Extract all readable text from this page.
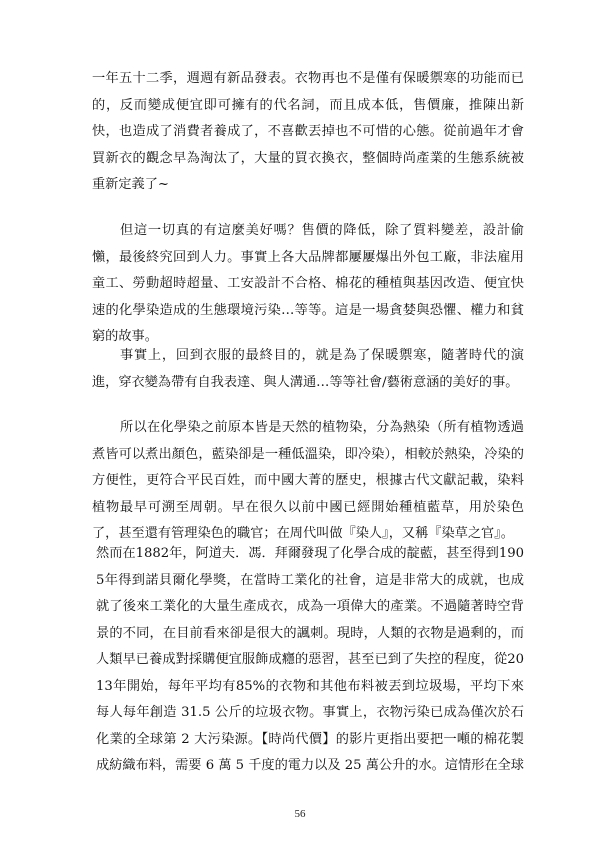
一年五十二季，週週有新品發表。衣物再也不是僅有保暖禦寒的功能而已的，反而變成便宜即可擁有的代名詞，而且成本低，售價廉，推陳出新快，也造成了消費者養成了，不喜歡丟掉也不可惜的心態。從前過年才會買新衣的觀念早為淘汰了，大量的買衣換衣，整個時尚產業的生態系統被重新定義了~

但這一切真的有這麼美好嗎？售價的降低，除了質料變差，設計偷懶，最後終究回到人力。事實上各大品牌都屢屢爆出外包工廠，非法雇用童工、勞動超時超量、工安設計不合格、棉花的種植與基因改造、便宜快速的化學染造成的生態環境污染…等等。這是一場貪婪與恐懼、權力和貧窮的故事。

事實上，回到衣服的最終目的，就是為了保暖禦寒，隨著時代的演進，穿衣變為帶有自我表達、與人溝通…等等社會/藝術意涵的美好的事。

所以在化學染之前原本皆是天然的植物染，分為熱染（所有植物透過煮皆可以煮出顏色，藍染卻是一種低溫染，即冷染），相較於熱染，冷染的方便性，更符合平民百姓，而中國大菁的歷史，根據古代文獻記載，染料植物最早可溯至周朝。早在很久以前中國已經開始種植藍草，用於染色了，甚至還有管理染色的職官；在周代叫做『染人』，又稱『染草之官』。

然而在1882年，阿道夫．馮．拜爾發現了化學合成的靛藍，甚至得到1905年得到諾貝爾化學獎，在當時工業化的社會，這是非常大的成就，也成就了後來工業化的大量生產成衣，成為一項偉大的產業。不過隨著時空背景的不同，在目前看來卻是很大的諷刺。現時，人類的衣物是過剩的，而人類早已養成對採購便宜服飾成癮的惡習，甚至已到了失控的程度，從2013年開始，每年平均有85%的衣物和其他布料被丟到垃圾場，平均下來每人每年創造 31.5 公斤的垃圾衣物。事實上，衣物污染已成為僅次於石化業的全球第 2 大污染源。【時尚代價】的影片更指出要把一噸的棉花製成紡織布料，需要 6 萬 5 千度的電力以及 25 萬公升的水。這情形在全球

56
